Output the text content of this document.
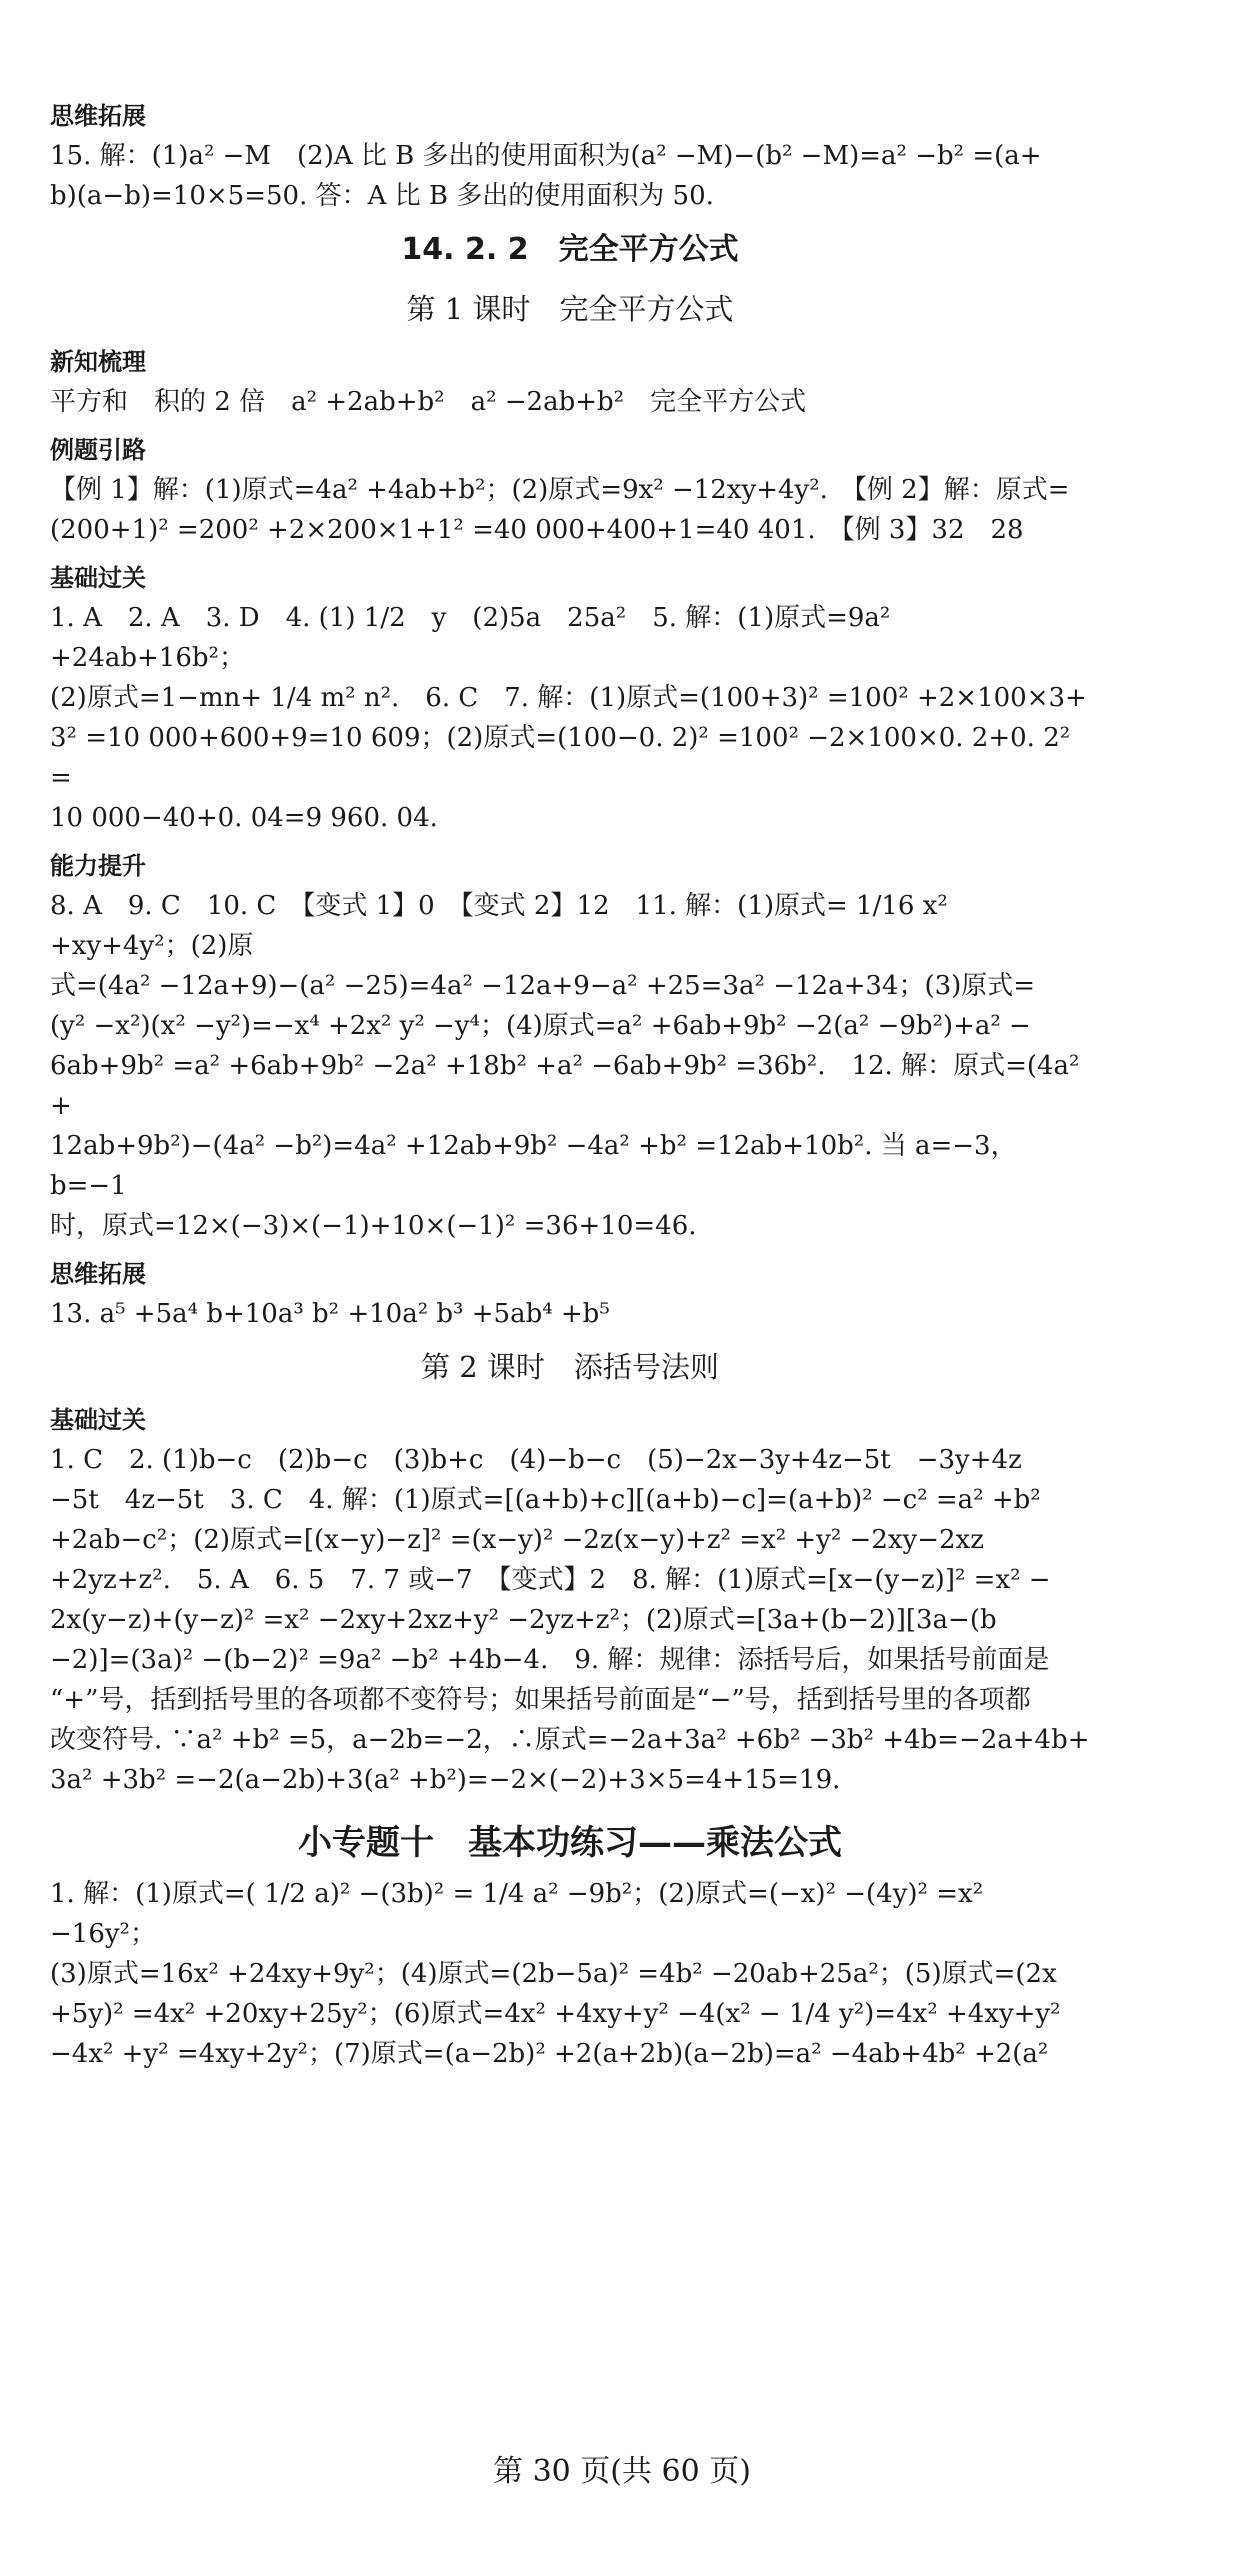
思维拓展

15. 解：(1)a² −M　(2)A 比 B 多出的使用面积为(a² −M)−(b² −M)=a² −b² =(a+

b)(a−b)=10×5=50. 答：A 比 B 多出的使用面积为 50.

14. 2. 2　完全平方公式

第 1 课时　完全平方公式

新知梳理

平方和　积的 2 倍　a² +2ab+b²　a² −2ab+b²　完全平方公式

例题引路

【例 1】解：(1)原式=4a² +4ab+b²；(2)原式=9x² −12xy+4y².　【例 2】解：原式=

(200+1)² =200² +2×200×1+1² =40 000+400+1=40 401.　【例 3】32　28

基础过关

1. A　2. A　3. D　4. (1) 1/2　y　(2)5a　25a²　5. 解：(1)原式=9a² +24ab+16b²；

(2)原式=1−mn+ 1/4 m² n².　6. C　7. 解：(1)原式=(100+3)² =100² +2×100×3+

3² =10 000+600+9=10 609；(2)原式=(100−0. 2)² =100² −2×100×0. 2+0. 2² =

10 000−40+0. 04=9 960. 04.

能力提升

8. A　9. C　10. C　【变式 1】0　【变式 2】12　11. 解：(1)原式= 1/16 x² +xy+4y²；(2)原

式=(4a² −12a+9)−(a² −25)=4a² −12a+9−a² +25=3a² −12a+34；(3)原式=

(y² −x²)(x² −y²)=−x⁴ +2x² y² −y⁴；(4)原式=a² +6ab+9b² −2(a² −9b²)+a² −

6ab+9b² =a² +6ab+9b² −2a² +18b² +a² −6ab+9b² =36b².　12. 解：原式=(4a² +

12ab+9b²)−(4a² −b²)=4a² +12ab+9b² −4a² +b² =12ab+10b². 当 a=−3，b=−1

时，原式=12×(−3)×(−1)+10×(−1)² =36+10=46.

思维拓展

13. a⁵ +5a⁴ b+10a³ b² +10a² b³ +5ab⁴ +b⁵

第 2 课时　添括号法则

基础过关

1. C　2. (1)b−c　(2)b−c　(3)b+c　(4)−b−c　(5)−2x−3y+4z−5t　−3y+4z

−5t　4z−5t　3. C　4. 解：(1)原式=[(a+b)+c][(a+b)−c]=(a+b)² −c² =a² +b²

+2ab−c²；(2)原式=[(x−y)−z]² =(x−y)² −2z(x−y)+z² =x² +y² −2xy−2xz

+2yz+z².　5. A　6. 5　7. 7 或−7　【变式】2　8. 解：(1)原式=[x−(y−z)]² =x² −

2x(y−z)+(y−z)² =x² −2xy+2xz+y² −2yz+z²；(2)原式=[3a+(b−2)][3a−(b

−2)]=(3a)² −(b−2)² =9a² −b² +4b−4.　9. 解：规律：添括号后，如果括号前面是

“+”号，括到括号里的各项都不变符号；如果括号前面是“−”号，括到括号里的各项都

改变符号. ∵a² +b² =5，a−2b=−2，∴原式=−2a+3a² +6b² −3b² +4b=−2a+4b+

3a² +3b² =−2(a−2b)+3(a² +b²)=−2×(−2)+3×5=4+15=19.

小专题十　基本功练习——乘法公式

1. 解：(1)原式=( 1/2 a)² −(3b)² = 1/4 a² −9b²；(2)原式=(−x)² −(4y)² =x² −16y²；

(3)原式=16x² +24xy+9y²；(4)原式=(2b−5a)² =4b² −20ab+25a²；(5)原式=(2x

+5y)² =4x² +20xy+25y²；(6)原式=4x² +4xy+y² −4(x² − 1/4 y²)=4x² +4xy+y²

−4x² +y² =4xy+2y²；(7)原式=(a−2b)² +2(a+2b)(a−2b)=a² −4ab+4b² +2(a²

第 30 页(共 60 页)
